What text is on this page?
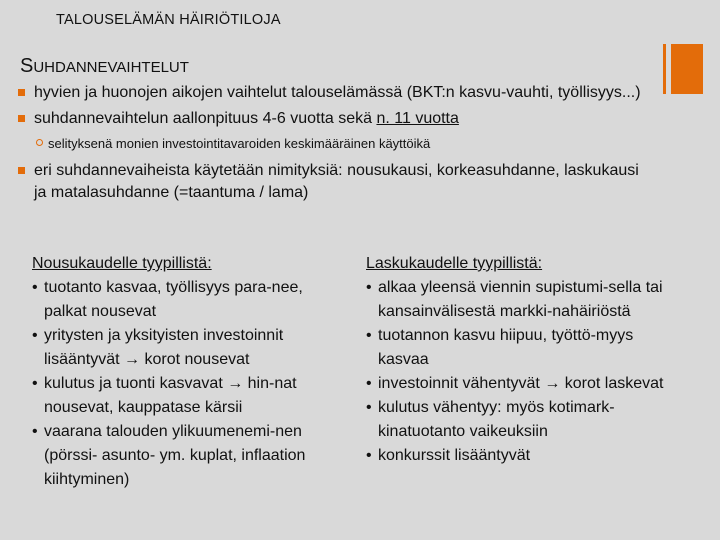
TALOUSELÄMÄN HÄIRIÖTILOJA
SUHDANNEVAIHTELUT

hyvien ja huonojen aikojen vaihtelut talouselämässä (BKT:n kasvu-vauhti, työllisyys...)

suhdannevaihtelun aallonpituus 4-6 vuotta sekä n. 11 vuotta

selityksenä monien investointitavaroiden keskimääräinen käyttöikä

eri suhdannevaiheista käytetään nimityksiä: nousukausi, korkeasuhdanne, laskukausi ja matalasuhdanne (=taantuma / lama)

Nousukaudelle tyypillistä:

• tuotanto kasvaa, työllisyys para-nee, palkat nousevat

• yritysten ja yksityisten investoinnit lisääntyvät → korot nousevat

• kulutus ja tuonti kasvavat → hin-nat nousevat, kauppatase kärsii

• vaarana talouden ylikuumenemi-nen (pörssi- asunto- ym. kuplat, inflaation kiihtyminen)

Laskukaudelle tyypillistä:

• alkaa yleensä viennin supistumi-sella tai kansainvälisestä markki-nahäiriöstä

• tuotannon kasvu hiipuu, työttö-myys kasvaa

• investoinnit vähentyvät → korot laskevat

• kulutus vähentyy: myös kotimark-kinatuotanto vaikeuksiin

• konkurssit lisääntyvät
